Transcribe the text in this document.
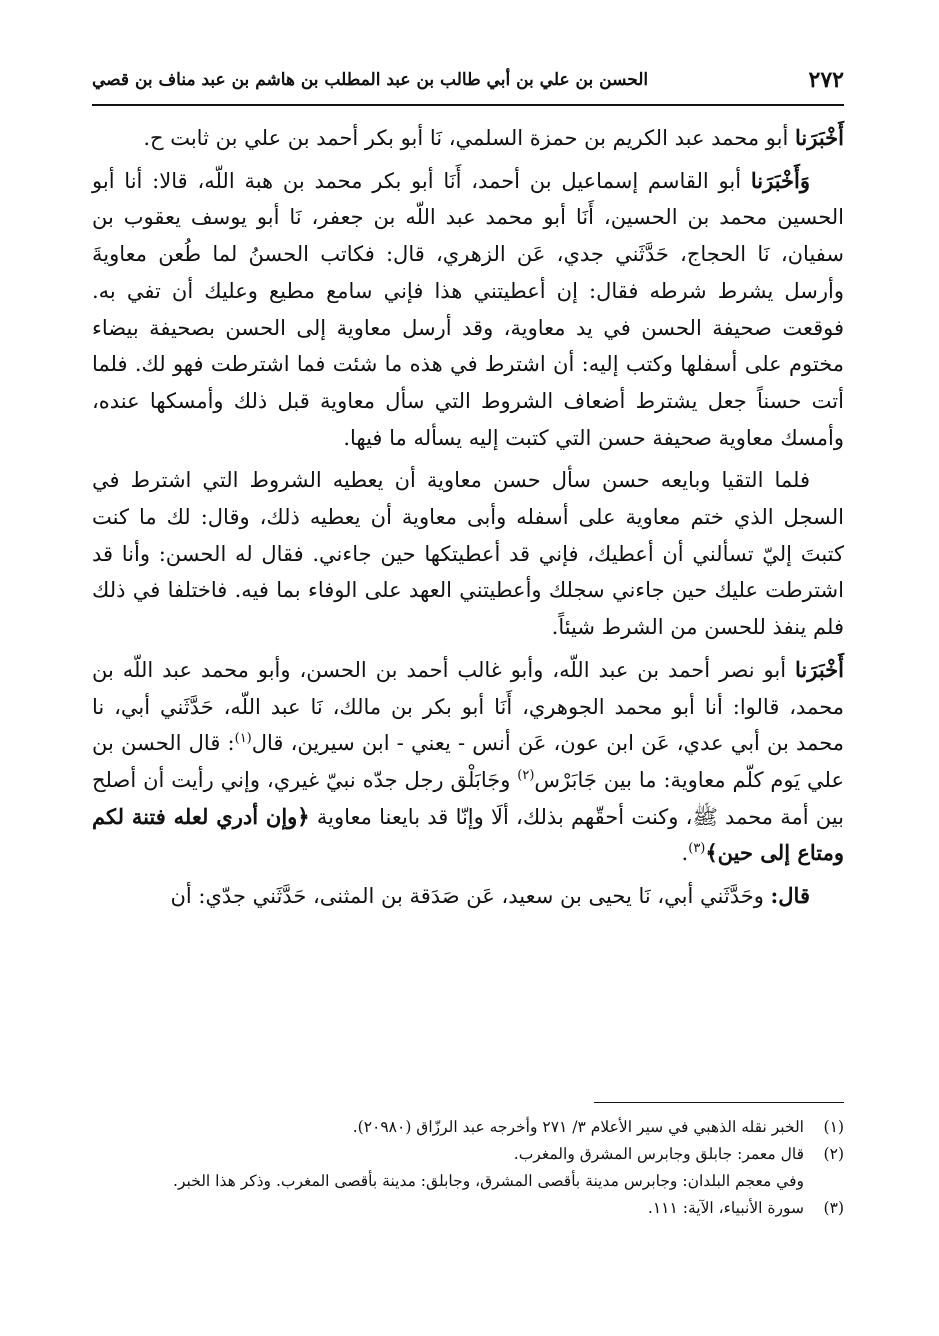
٢٧٢
الحسن بن علي بن أبي طالب بن عبد المطلب بن هاشم بن عبد مناف بن قصي

أَخْبَرَنا أبو محمد عبد الكريم بن حمزة السلمي، نَا أبو بكر أحمد بن علي بن ثابت ح.

وَأَخْبَرَنا أبو القاسم إسماعيل بن أحمد، أَنَا أبو بكر محمد بن هبة اللّه، قالا: أنا أبو الحسين محمد بن الحسين، أَنَا أبو محمد عبد اللّه بن جعفر، نَا أبو يوسف يعقوب بن سفيان، نَا الحجاج، حَدَّثَني جدي، عَن الزهري، قال: فكاتب الحسنُ لما طُعن معاويةَ وأرسل يشرط شرطه فقال: إن أعطيتني هذا فإني سامع مطيع وعليك أن تفي به. فوقعت صحيفة الحسن في يد معاوية، وقد أرسل معاوية إلى الحسن بصحيفة بيضاء مختوم على أسفلها وكتب إليه: أن اشترط في هذه ما شئت فما اشترطت فهو لك. فلما أتت حسناً جعل يشترط أضعاف الشروط التي سأل معاوية قبل ذلك وأمسكها عنده، وأمسك معاوية صحيفة حسن التي كتبت إليه يسأله ما فيها.

فلما التقيا وبايعه حسن سأل حسن معاوية أن يعطيه الشروط التي اشترط في السجل الذي ختم معاوية على أسفله وأبى معاوية أن يعطيه ذلك، وقال: لك ما كنت كتبتَ إليّ تسألني أن أعطيك، فإني قد أعطيتكها حين جاءني. فقال له الحسن: وأنا قد اشترطت عليك حين جاءني سجلك وأعطيتني العهد على الوفاء بما فيه. فاختلفا في ذلك فلم ينفذ للحسن من الشرط شيئاً.

أَخْبَرَنا أبو نصر أحمد بن عبد اللّه، وأبو غالب أحمد بن الحسن، وأبو محمد عبد اللّه بن محمد، قالوا: أنا أبو محمد الجوهري، أَنَا أبو بكر بن مالك، نَا عبد اللّه، حَدَّثَني أبي، نا محمد بن أبي عدي، عَن ابن عون، عَن أنس - يعني - ابن سيرين، قال$^{(١)}$: قال الحسن بن علي يَوم كلّم معاوية: ما بين جَابَرْس$^{(٢)}$ وجَابَلْق رجل جدّه نبيّ غيري، وإني رأيت أن أصلح بين أمة محمد ﷺ، وكنت أحقّهم بذلك، ألَا وإنّا قد بايعنا معاوية ﴿وإن أدري لعله فتنة لكم ومتاع إلى حين﴾$^{(٣)}$.

قال: وحَدَّثَني أبي، نَا يحيى بن سعيد، عَن صَدَقة بن المثنى، حَدَّثَني جدّي: أن

(١)
الخبر نقله الذهبي في سير الأعلام ٣/ ٢٧١ وأخرجه عبد الرزّاق (٢٠٩٨٠).

(٢)
قال معمر: جابلق وجابرس المشرق والمغرب.

وفي معجم البلدان: وجابرس مدينة بأقصى المشرق، وجابلق: مدينة بأقصى المغرب. وذكر هذا الخبر.

(٣)
سورة الأنبياء، الآية: ١١١.
